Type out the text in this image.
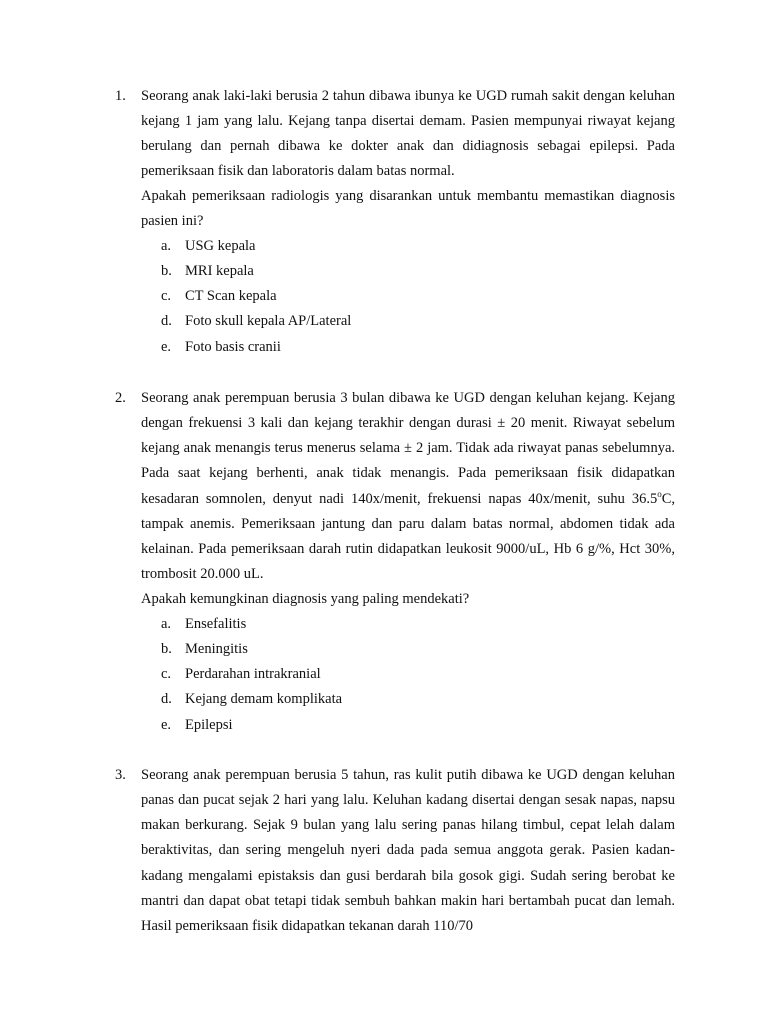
1. Seorang anak laki-laki berusia 2 tahun dibawa ibunya ke UGD rumah sakit dengan keluhan kejang 1 jam yang lalu. Kejang tanpa disertai demam. Pasien mempunyai riwayat kejang berulang dan pernah dibawa ke dokter anak dan didiagnosis sebagai epilepsi. Pada pemeriksaan fisik dan laboratoris dalam batas normal.

Apakah pemeriksaan radiologis yang disarankan untuk membantu memastikan diagnosis pasien ini?

a. USG kepala
b. MRI kepala
c. CT Scan kepala
d. Foto skull kepala AP/Lateral
e. Foto basis cranii
2. Seorang anak perempuan berusia 3 bulan dibawa ke UGD dengan keluhan kejang. Kejang dengan frekuensi 3 kali dan kejang terakhir dengan durasi ± 20 menit. Riwayat sebelum kejang anak menangis terus menerus selama ± 2 jam. Tidak ada riwayat panas sebelumnya. Pada saat kejang berhenti, anak tidak menangis. Pada pemeriksaan fisik didapatkan kesadaran somnolen, denyut nadi 140x/menit, frekuensi napas 40x/menit, suhu 36.5$^o$C, tampak anemis. Pemeriksaan jantung dan paru dalam batas normal, abdomen tidak ada kelainan. Pada pemeriksaan darah rutin didapatkan leukosit 9000/uL, Hb 6 g/%, Hct 30%, trombosit 20.000 uL.

Apakah kemungkinan diagnosis yang paling mendekati?

a. Ensefalitis
b. Meningitis
c. Perdarahan intrakranial
d. Kejang demam komplikata
e. Epilepsi
3. Seorang anak perempuan berusia 5 tahun, ras kulit putih dibawa ke UGD dengan keluhan panas dan pucat sejak 2 hari yang lalu. Keluhan kadang disertai dengan sesak napas, napsu makan berkurang. Sejak 9 bulan yang lalu sering panas hilang timbul, cepat lelah dalam beraktivitas, dan sering mengeluh nyeri dada pada semua anggota gerak. Pasien kadan-kadang mengalami epistaksis dan gusi berdarah bila gosok gigi. Sudah sering berobat ke mantri dan dapat obat tetapi tidak sembuh bahkan makin hari bertambah pucat dan lemah. Hasil pemeriksaan fisik didapatkan tekanan darah 110/70
